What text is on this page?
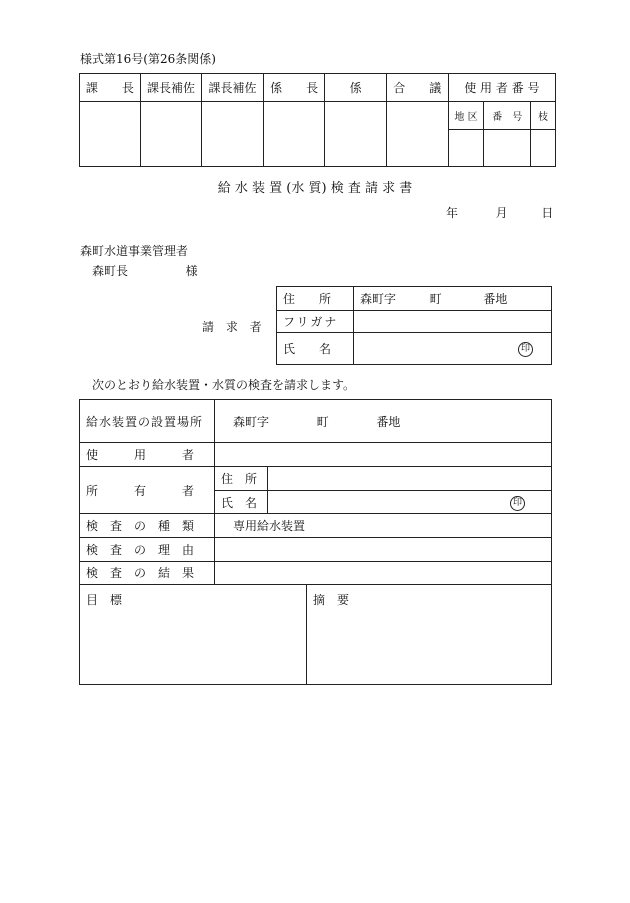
様式第16号(第26条関係)
課　　長	課長補佐	課長補佐	係　　長	係	合　　議	使 用 者 番 号		
						地 区	番　号	枝

給 水 装 置 (水 質) 検 査 請 求 書
年	月	日
森町水道事業管理者
森町長	様
請 求 者
住　　所	森町字 町 番地
フリガナ	
氏　　名	印
次のとおり給水装置・水質の検査を請求します。
給水装置の設置場所	森町字 町 番地		
使　　　用　　　者			
所　　　有　　　者	住　所		
	氏　名	印	
検　査　の　種　類	専用給水装置		
検　査　の　理　由			
検　査　の　結　果			
目　標			摘　要
